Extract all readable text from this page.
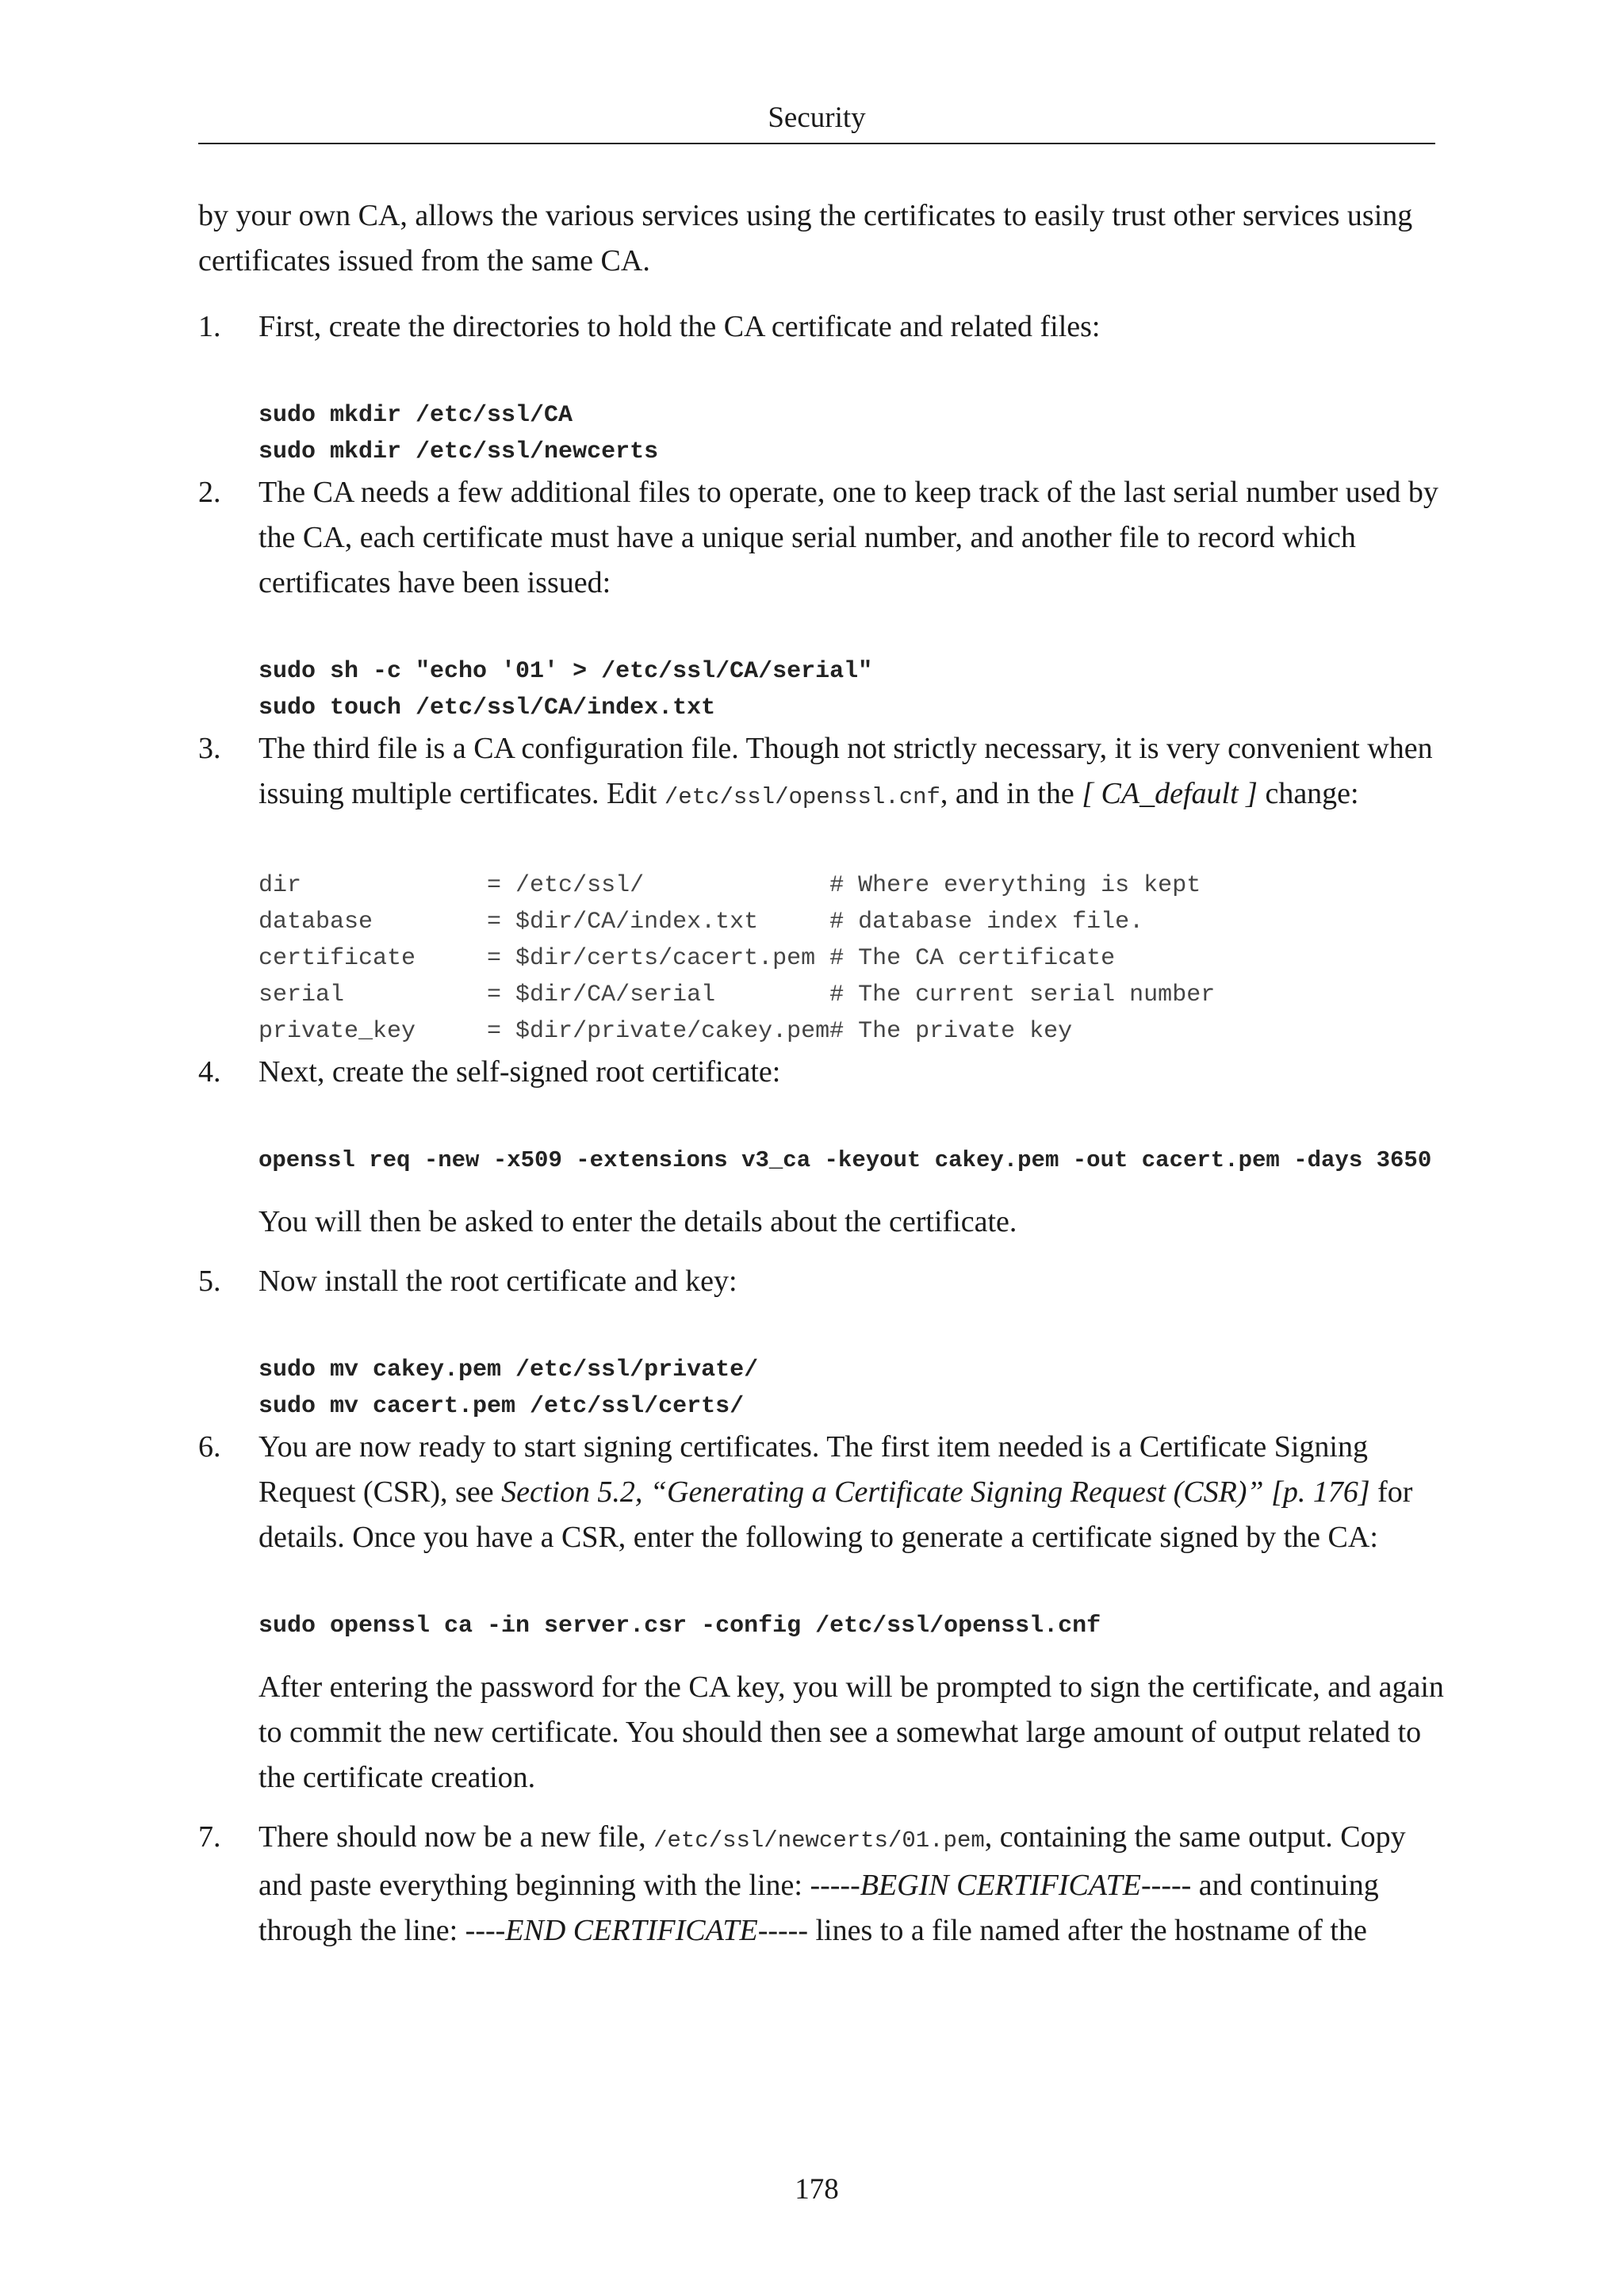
Security

by your own CA, allows the various services using the certificates to easily trust other services using certificates issued from the same CA.

1. First, create the directories to hold the CA certificate and related files:

sudo mkdir /etc/ssl/CA
sudo mkdir /etc/ssl/newcerts
2. The CA needs a few additional files to operate, one to keep track of the last serial number used by the CA, each certificate must have a unique serial number, and another file to record which certificates have been issued:

sudo sh -c "echo '01' > /etc/ssl/CA/serial"
sudo touch /etc/ssl/CA/index.txt
3. The third file is a CA configuration file. Though not strictly necessary, it is very convenient when issuing multiple certificates. Edit /etc/ssl/openssl.cnf, and in the [ CA_default ] change:

dir             = /etc/ssl/             # Where everything is kept
database        = $dir/CA/index.txt     # database index file.
certificate     = $dir/certs/cacert.pem # The CA certificate
serial          = $dir/CA/serial        # The current serial number
private_key     = $dir/private/cakey.pem# The private key
4. Next, create the self-signed root certificate:

openssl req -new -x509 -extensions v3_ca -keyout cakey.pem -out cacert.pem -days 3650

You will then be asked to enter the details about the certificate.

5. Now install the root certificate and key:

sudo mv cakey.pem /etc/ssl/private/
sudo mv cacert.pem /etc/ssl/certs/
6. You are now ready to start signing certificates. The first item needed is a Certificate Signing Request (CSR), see Section 5.2, “Generating a Certificate Signing Request (CSR)” [p. 176] for details. Once you have a CSR, enter the following to generate a certificate signed by the CA:

sudo openssl ca -in server.csr -config /etc/ssl/openssl.cnf

After entering the password for the CA key, you will be prompted to sign the certificate, and again to commit the new certificate. You should then see a somewhat large amount of output related to the certificate creation.

7. There should now be a new file, /etc/ssl/newcerts/01.pem, containing the same output. Copy and paste everything beginning with the line: -----BEGIN CERTIFICATE----- and continuing through the line: ----END CERTIFICATE----- lines to a file named after the hostname of the

178
